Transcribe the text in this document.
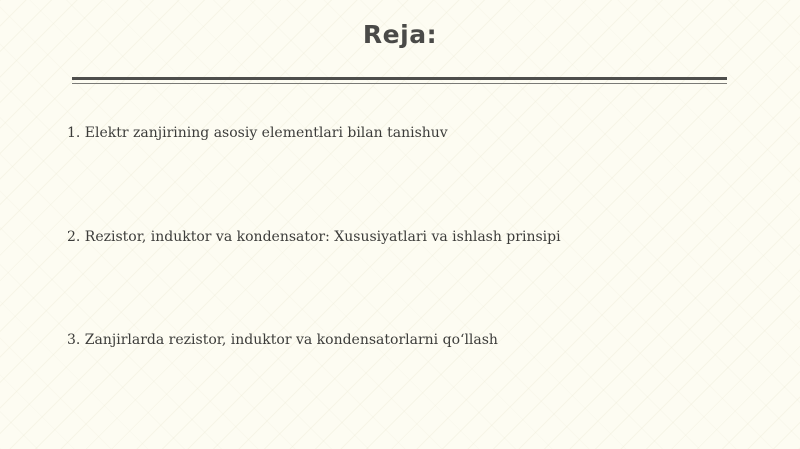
Reja:

1. Elektr zanjirining asosiy elementlari bilan tanishuv

2. Rezistor, induktor va kondensator: Xususiyatlari va ishlash prinsipi

3. Zanjirlarda rezistor, induktor va kondensatorlarni qo‘llash
